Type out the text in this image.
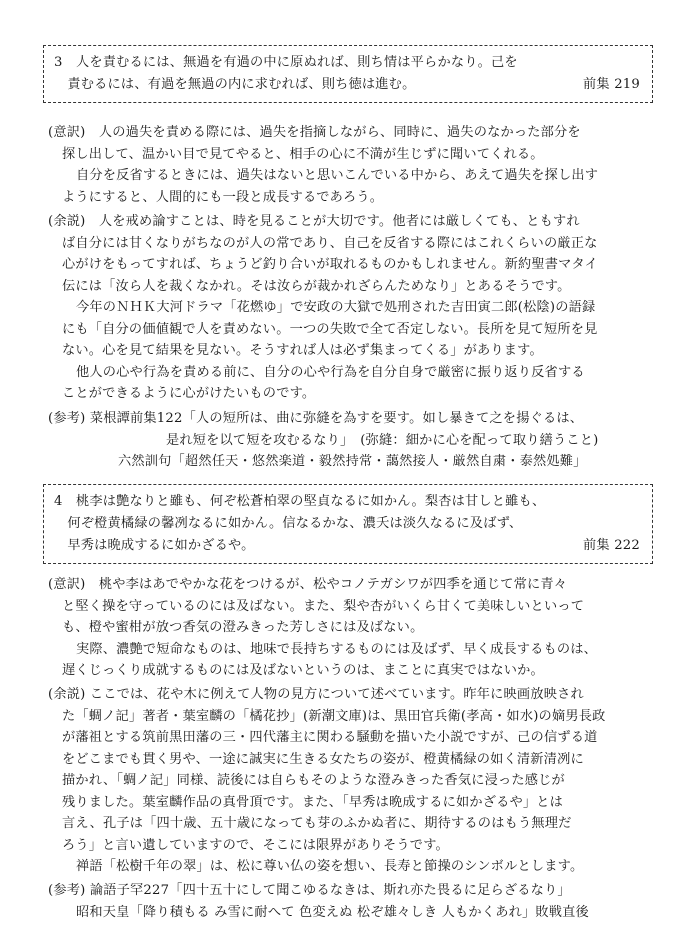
3　人を責むるには、無過を有過の中に原ぬれば、則ち情は平らかなり。己を
　責むるには、有過を無過の内に求むれば、則ち徳は進む。	前集 219
(意訳)　人の過失を責める際には、過失を指摘しながら、同時に、過失のなかった部分を
探し出して、温かい目で見てやると、相手の心に不満が生じずに聞いてくれる。
自分を反省するときには、過失はないと思いこんでいる中から、あえて過失を探し出す
ようにすると、人間的にも一段と成長するであろう。
(余説)　人を戒め論すことは、時を見ることが大切です。他者には厳しくても、ともすれ
ば自分には甘くなりがちなのが人の常であり、自己を反省する際にはこれくらいの厳正な
心がけをもってすれば、ちょうど釣り合いが取れるものかもしれません。新約聖書マタイ
伝には「汝ら人を裁くなかれ。そは汝らが裁かれざらんためなり」とあるそうです。
今年のＮＨＫ大河ドラマ「花燃ゆ」で安政の大獄で処刑された吉田寅二郎(松陰)の語録
にも「自分の価値観で人を責めない。一つの失敗で全て否定しない。長所を見て短所を見
ない。心を見て結果を見ない。そうすれば人は必ず集まってくる」があります。
他人の心や行為を責める前に、自分の心や行為を自分自身で厳密に振り返り反省する
ことができるように心がけたいものです。
(参考) 菜根譚前集122「人の短所は、曲に弥縫を為すを要す。如し暴きて之を揚ぐるは、
是れ短を以て短を攻むるなり」　(弥縫：細かに心を配って取り繕うこと)
六然訓句「超然任天・悠然楽道・毅然持常・藹然接人・厳然自粛・泰然処難」
4　桃李は艶なりと雖も、何ぞ松蒼柏翠の堅貞なるに如かん。梨杏は甘しと雖も、
　何ぞ橙黄橘緑の馨冽なるに如かん。信なるかな、濃夭は淡久なるに及ばず、
　早秀は晩成するに如かざるや。	前集 222
(意訳)　桃や李はあでやかな花をつけるが、松やコノテガシワが四季を通じて常に青々
と堅く操を守っているのには及ばない。また、梨や杏がいくら甘くて美味しいといって
も、橙や蜜柑が放つ香気の澄みきった芳しさには及ばない。
実際、濃艶で短命なものは、地味で長持ちするものには及ばず、早く成長するものは、
遅くじっくり成就するものには及ばないというのは、まことに真実ではないか。
(余説) ここでは、花や木に例えて人物の見方について述べています。昨年に映画放映され
た「蜩ノ記」著者・葉室麟の「橘花抄」(新潮文庫)は、黒田官兵衛(孝高・如水)の嫡男長政
が藩祖とする筑前黒田藩の三・四代藩主に関わる騒動を描いた小説ですが、己の信ずる道
をどこまでも貫く男や、一途に誠実に生きる女たちの姿が、橙黄橘緑の如く清新清冽に
描かれ、「蜩ノ記」同様、読後には自らもそのような澄みきった香気に浸った感じが
残りました。葉室麟作品の真骨頂です。また、「早秀は晩成するに如かざるや」とは
言え、孔子は「四十歳、五十歳になっても芽のふかぬ者に、期待するのはもう無理だ
ろう」と言い遺していますので、そこには限界がありそうです。
禅語「松樹千年の翠」は、松に尊い仏の姿を想い、長寿と節操のシンボルとします。
(参考) 論語子罕227「四十五十にして聞こゆるなきは、斯れ亦た畏るに足らざるなり」
昭和天皇「降り積もる み雪に耐へて 色変えぬ 松ぞ雄々しき 人もかくあれ」敗戦直後
